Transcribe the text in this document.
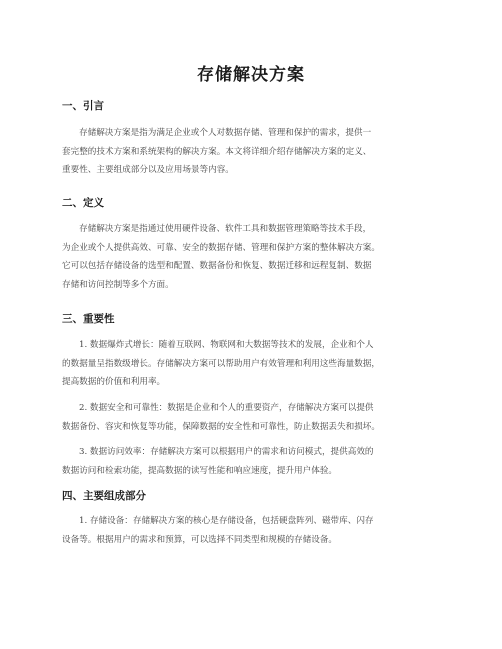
存储解决方案
一、引言
存储解决方案是指为满足企业或个人对数据存储、管理和保护的需求，提供一
套完整的技术方案和系统架构的解决方案。本文将详细介绍存储解决方案的定义、
重要性、主要组成部分以及应用场景等内容。
二、定义
存储解决方案是指通过使用硬件设备、软件工具和数据管理策略等技术手段，
为企业或个人提供高效、可靠、安全的数据存储、管理和保护方案的整体解决方案。
它可以包括存储设备的选型和配置、数据备份和恢复、数据迁移和远程复制、数据
存储和访问控制等多个方面。
三、重要性
1. 数据爆炸式增长：随着互联网、物联网和大数据等技术的发展，企业和个人
的数据量呈指数级增长。存储解决方案可以帮助用户有效管理和利用这些海量数据，
提高数据的价值和利用率。
2. 数据安全和可靠性：数据是企业和个人的重要资产，存储解决方案可以提供
数据备份、容灾和恢复等功能，保障数据的安全性和可靠性，防止数据丢失和损坏。
3. 数据访问效率：存储解决方案可以根据用户的需求和访问模式，提供高效的
数据访问和检索功能，提高数据的读写性能和响应速度，提升用户体验。
四、主要组成部分
1. 存储设备：存储解决方案的核心是存储设备，包括硬盘阵列、磁带库、闪存
设备等。根据用户的需求和预算，可以选择不同类型和规模的存储设备。
